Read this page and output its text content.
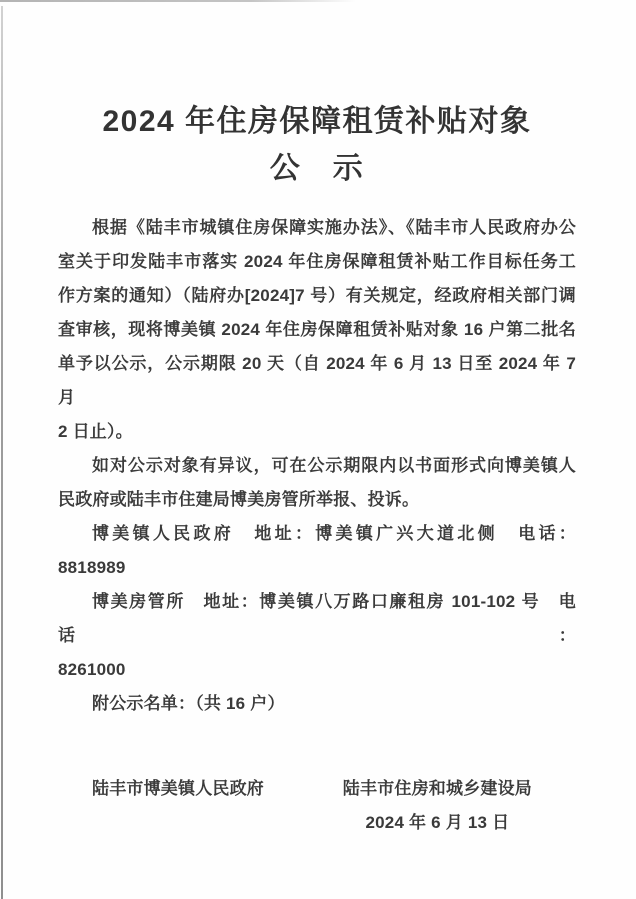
2024 年住房保障租赁补贴对象
公　示
根据《陆丰市城镇住房保障实施办法》、《陆丰市人民政府办公
室关于印发陆丰市落实 2024 年住房保障租赁补贴工作目标任务工
作方案的通知）（陆府办[2024]7 号）有关规定，经政府相关部门调
查审核，现将博美镇 2024 年住房保障租赁补贴对象 16 户第二批名
单予以公示，公示期限 20 天（自 2024 年 6 月 13 日至 2024 年 7 月
2 日止）。
如对公示对象有异议，可在公示期限内以书面形式向博美镇人
民政府或陆丰市住建局博美房管所举报、投诉。
博美镇人民政府　地址：博美镇广兴大道北侧　电话：
8818989
博美房管所　地址：博美镇八万路口廉租房 101-102 号　电话：
8261000
附公示名单：（共 16 户）
陆丰市博美镇人民政府	陆丰市住房和城乡建设局
2024 年 6 月 13 日
